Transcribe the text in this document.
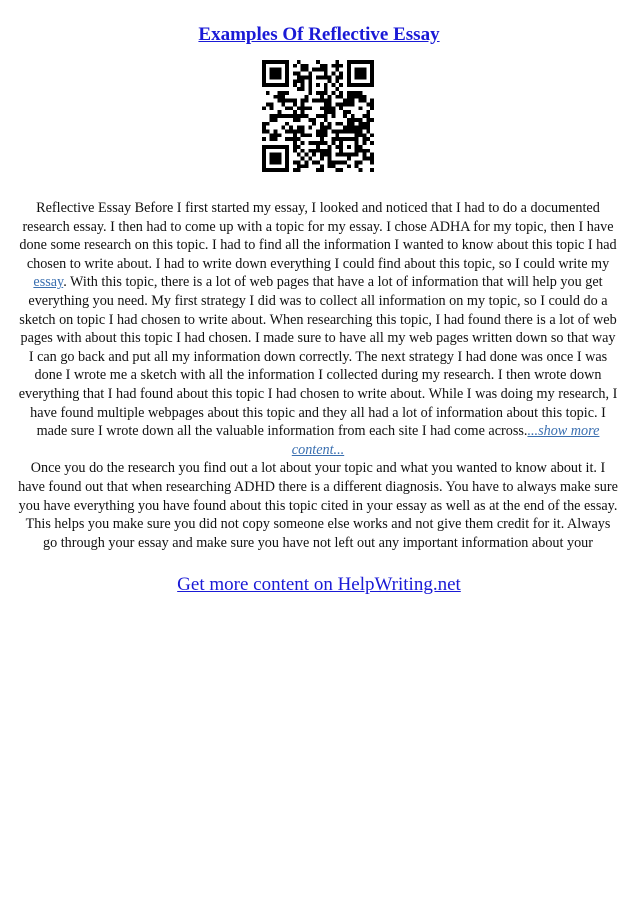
Examples Of Reflective Essay

Reflective Essay Before I first started my essay, I looked and noticed that I had to do a documented research essay. I then had to come up with a topic for my essay. I chose ADHA for my topic, then I have done some research on this topic. I had to find all the information I wanted to know about this topic I had chosen to write about. I had to write down everything I could find about this topic, so I could write my essay. With this topic, there is a lot of web pages that have a lot of information that will help you get everything you need. My first strategy I did was to collect all information on my topic, so I could do a sketch on topic I had chosen to write about. When researching this topic, I had found there is a lot of web pages with about this topic I had chosen. I made sure to have all my web pages written down so that way I can go back and put all my information down correctly. The next strategy I had done was once I was done I wrote me a sketch with all the information I collected during my research. I then wrote down everything that I had found about this topic I had chosen to write about. While I was doing my research, I have found multiple webpages about this topic and they all had a lot of information about this topic. I made sure I wrote down all the valuable information from each site I had come across....show more content...

Once you do the research you find out a lot about your topic and what you wanted to know about it. I have found out that when researching ADHD there is a different diagnosis. You have to always make sure you have everything you have found about this topic cited in your essay as well as at the end of the essay. This helps you make sure you did not copy someone else works and not give them credit for it. Always go through your essay and make sure you have not left out any important information about your

Get more content on HelpWriting.net
